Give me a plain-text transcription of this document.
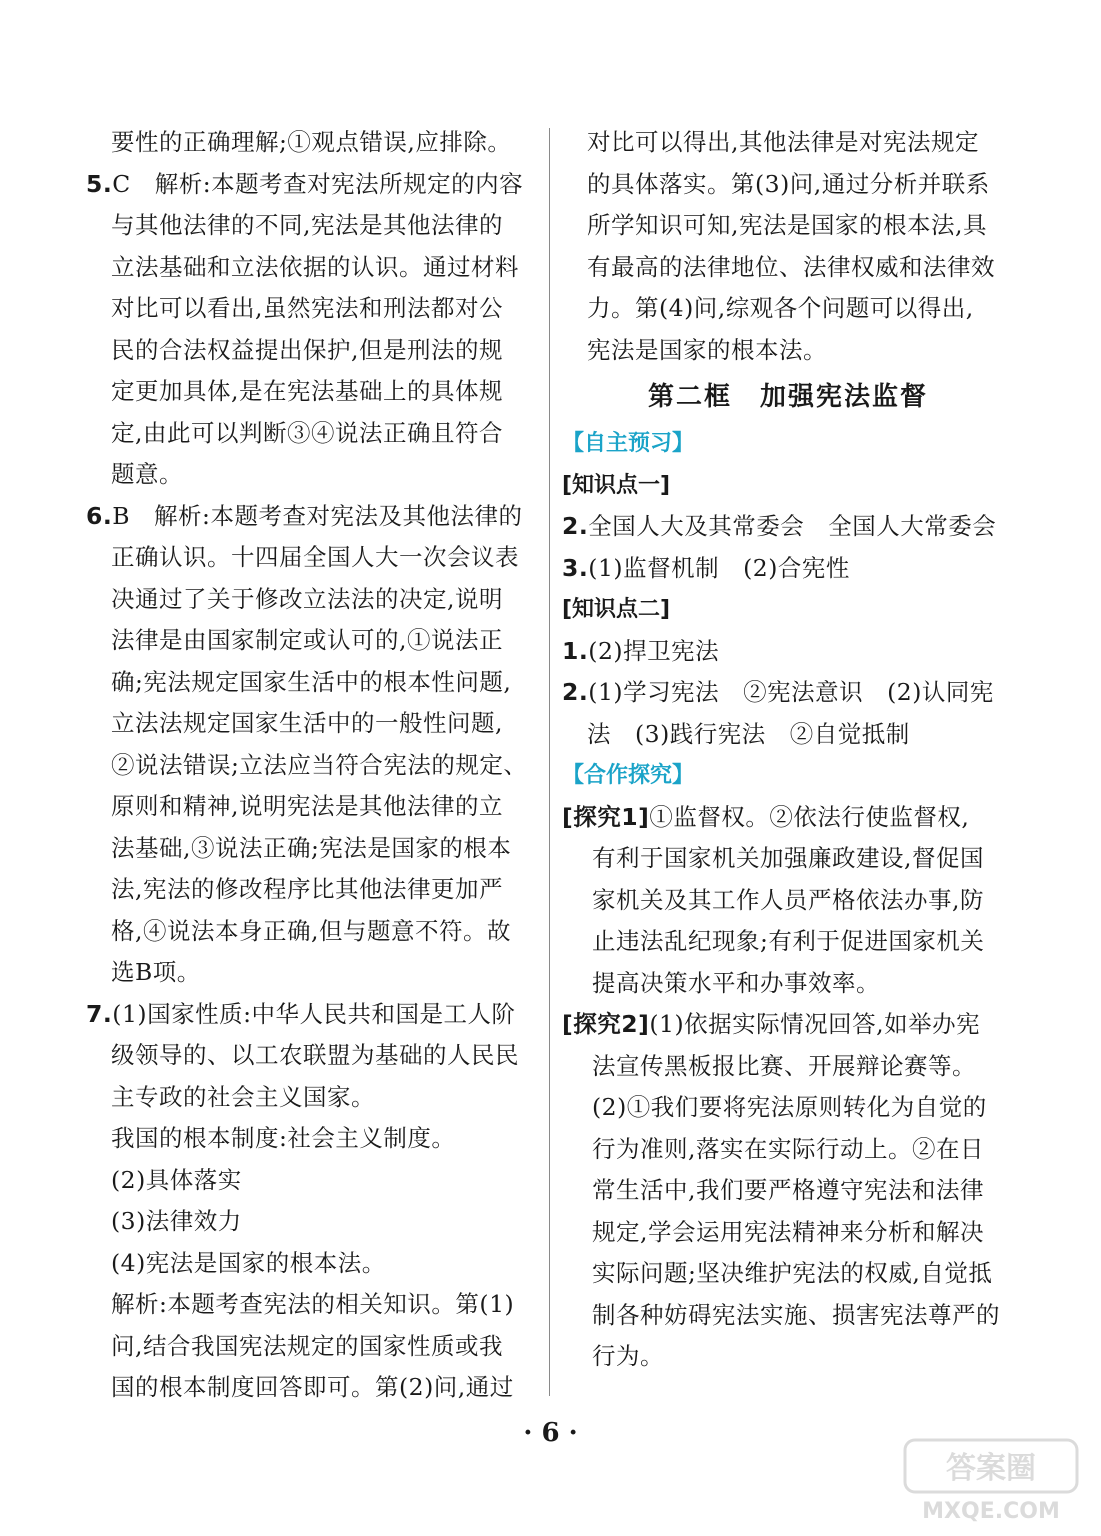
要性的正确理解;①观点错误,应排除。
5.C　解析:本题考查对宪法所规定的内容
与其他法律的不同,宪法是其他法律的
立法基础和立法依据的认识。通过材料
对比可以看出,虽然宪法和刑法都对公
民的合法权益提出保护,但是刑法的规
定更加具体,是在宪法基础上的具体规
定,由此可以判断③④说法正确且符合
题意。
6.B　解析:本题考查对宪法及其他法律的
正确认识。十四届全国人大一次会议表
决通过了关于修改立法法的决定,说明
法律是由国家制定或认可的,①说法正
确;宪法规定国家生活中的根本性问题,
立法法规定国家生活中的一般性问题,
②说法错误;立法应当符合宪法的规定、
原则和精神,说明宪法是其他法律的立
法基础,③说法正确;宪法是国家的根本
法,宪法的修改程序比其他法律更加严
格,④说法本身正确,但与题意不符。故
选B项。
7.(1)国家性质:中华人民共和国是工人阶
级领导的、以工农联盟为基础的人民民
主专政的社会主义国家。
我国的根本制度:社会主义制度。
(2)具体落实
(3)法律效力
(4)宪法是国家的根本法。
解析:本题考查宪法的相关知识。第(1)
问,结合我国宪法规定的国家性质或我
国的根本制度回答即可。第(2)问,通过
对比可以得出,其他法律是对宪法规定
的具体落实。第(3)问,通过分析并联系
所学知识可知,宪法是国家的根本法,具
有最高的法律地位、法律权威和法律效
力。第(4)问,综观各个问题可以得出,
宪法是国家的根本法。
第二框　加强宪法监督
【自主预习】
[知识点一]
2.全国人大及其常委会　全国人大常委会
3.(1)监督机制　(2)合宪性
[知识点二]
1.(2)捍卫宪法
2.(1)学习宪法　②宪法意识　(2)认同宪
法　(3)践行宪法　②自觉抵制
【合作探究】
[探究1]①监督权。②依法行使监督权,
有利于国家机关加强廉政建设,督促国
家机关及其工作人员严格依法办事,防
止违法乱纪现象;有利于促进国家机关
提高决策水平和办事效率。
[探究2](1)依据实际情况回答,如举办宪
法宣传黑板报比赛、开展辩论赛等。
(2)①我们要将宪法原则转化为自觉的
行为准则,落实在实际行动上。②在日
常生活中,我们要严格遵守宪法和法律
规定,学会运用宪法精神来分析和解决
实际问题;坚决维护宪法的权威,自觉抵
制各种妨碍宪法实施、损害宪法尊严的
行为。
· 6 ·
答案圈
MXQE.COM
